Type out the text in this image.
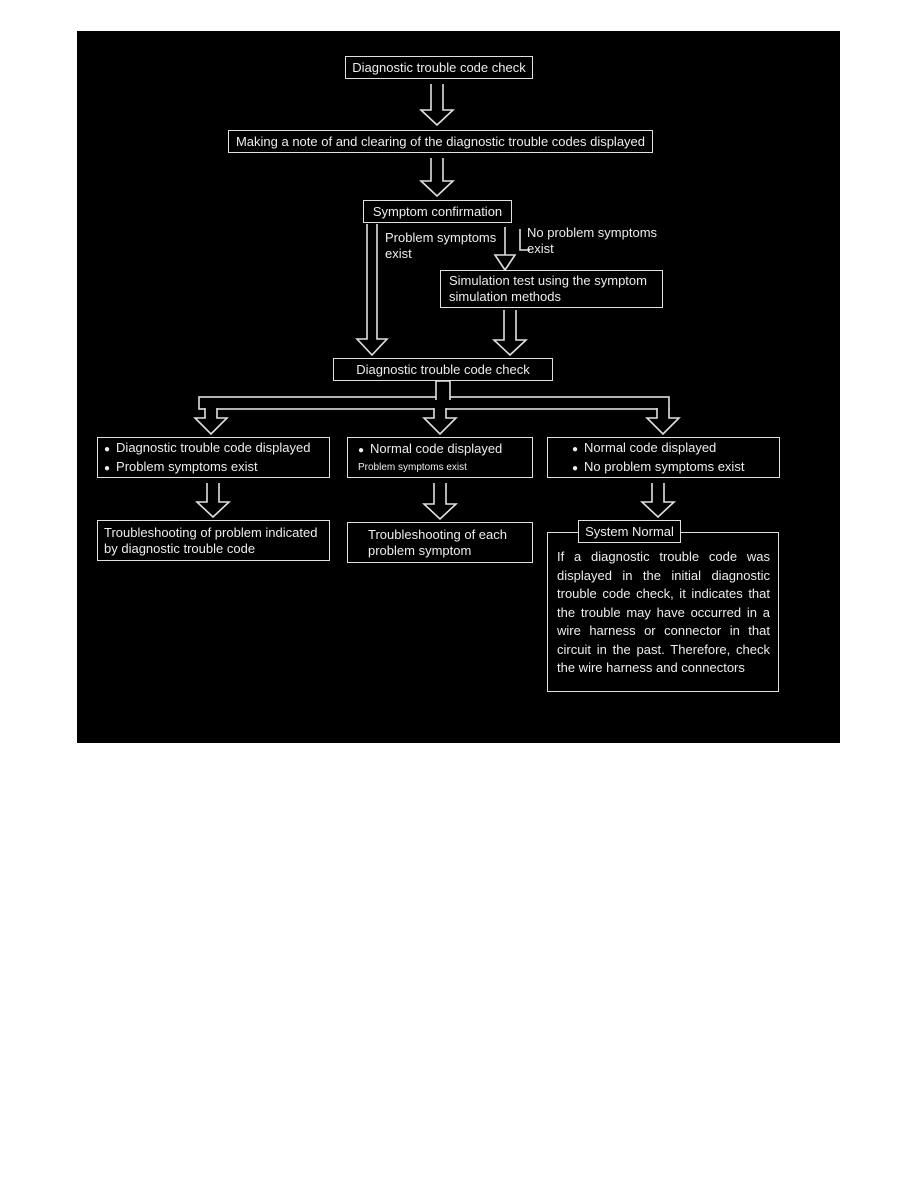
Diagnostic trouble code check
Making a note of and clearing of the diagnostic trouble codes displayed
Symptom confirmation
Problem symptoms exist
No problem symptoms exist
Simulation test using the symptom simulation methods
Diagnostic trouble code check
● Diagnostic trouble code displayed
● Problem symptoms exist
● Normal code displayed
Problem symptoms exist
● Normal code displayed
● No problem symptoms exist
Troubleshooting of problem indicated by diagnostic trouble code
Troubleshooting of each problem symptom
System Normal
If a diagnostic trouble code was displayed in the initial diagnostic trouble code check, it indicates that the trouble may have occurred in a wire harness or connector in that circuit in the past. Therefore, check the wire harness and connectors
